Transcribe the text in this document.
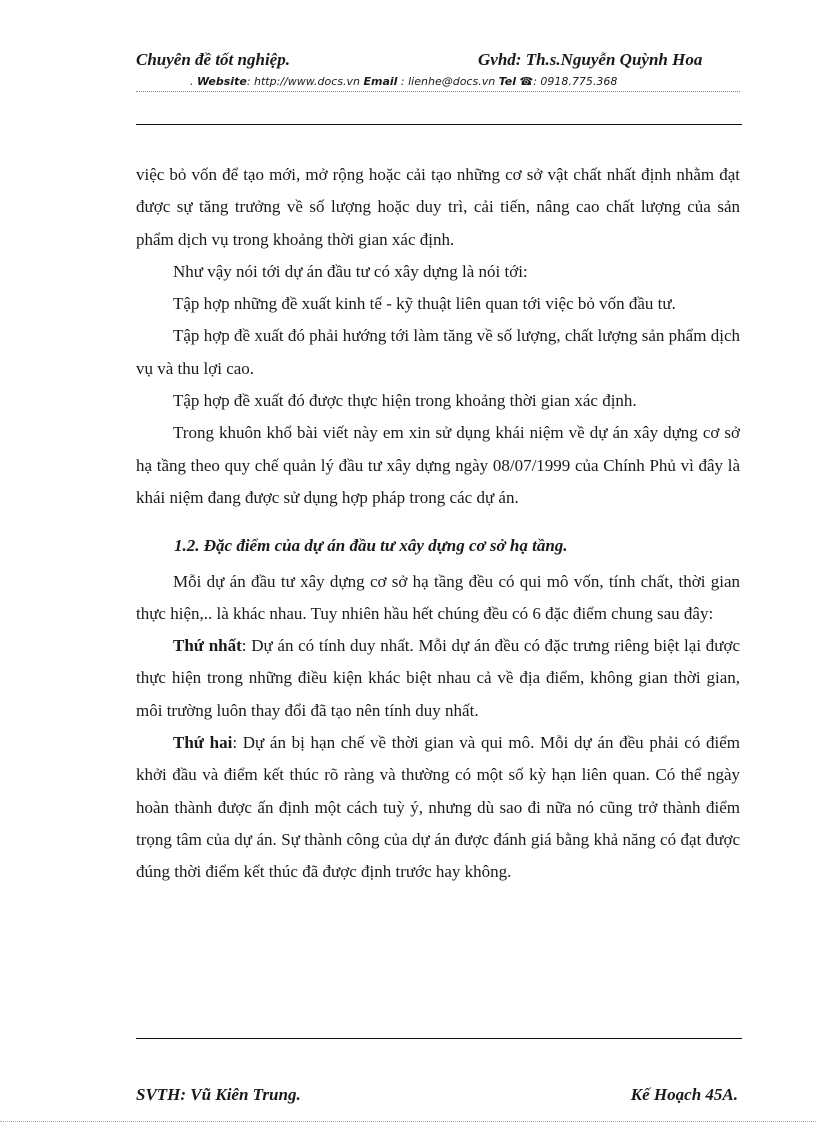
Chuyên đề tốt nghiệp.	Gvhd: Th.s.Nguyễn Quỳnh Hoa
. Website: http://www.docs.vn Email : lienhe@docs.vn Tel ☎: 0918.775.368

việc bỏ vốn để tạo mới, mở rộng hoặc cải tạo những cơ sở vật chất nhất định nhằm đạt được sự tăng trưởng về số lượng hoặc duy trì, cải tiến, nâng cao chất lượng của sản phẩm dịch vụ trong khoảng thời gian xác định.

Như vậy nói tới dự án đầu tư có xây dựng là nói tới:

Tập hợp những đề xuất kinh tế - kỹ thuật liên quan tới việc bỏ vốn đầu tư.

Tập hợp đề xuất đó phải hướng tới làm tăng về số lượng, chất lượng sản phẩm dịch vụ và thu lợi cao.

Tập hợp đề xuất đó được thực hiện trong khoảng thời gian xác định.

Trong khuôn khổ bài viết này em xin sử dụng khái niệm về dự án xây dựng cơ sở hạ tầng theo quy chế quản lý đầu tư xây dựng ngày 08/07/1999 của Chính Phủ vì đây là khái niệm đang được sử dụng hợp pháp trong các dự án.

1.2. Đặc điểm của dự án đầu tư xây dựng cơ sở hạ tầng.

Mỗi dự án đầu tư xây dựng cơ sở hạ tầng đều có qui mô vốn, tính chất, thời gian thực hiện,.. là khác nhau. Tuy nhiên hầu hết chúng đều có 6 đặc điểm chung sau đây:

Thứ nhất: Dự án có tính duy nhất. Mỗi dự án đều có đặc trưng riêng biệt lại được thực hiện trong những điều kiện khác biệt nhau cả về địa điểm, không gian thời gian, môi trường luôn thay đổi đã tạo nên tính duy nhất.

Thứ hai: Dự án bị hạn chế về thời gian và qui mô. Mỗi dự án đều phải có điểm khởi đầu và điểm kết thúc rõ ràng và thường có một số kỳ hạn liên quan. Có thể ngày hoàn thành được ấn định một cách tuỳ ý, nhưng dù sao đi nữa nó cũng trở thành điểm trọng tâm của dự án. Sự thành công của dự án được đánh giá bằng khả năng có đạt được đúng thời điểm kết thúc đã được định trước hay không.

SVTH: Vũ Kiên Trung.	Kế Hoạch 45A.
